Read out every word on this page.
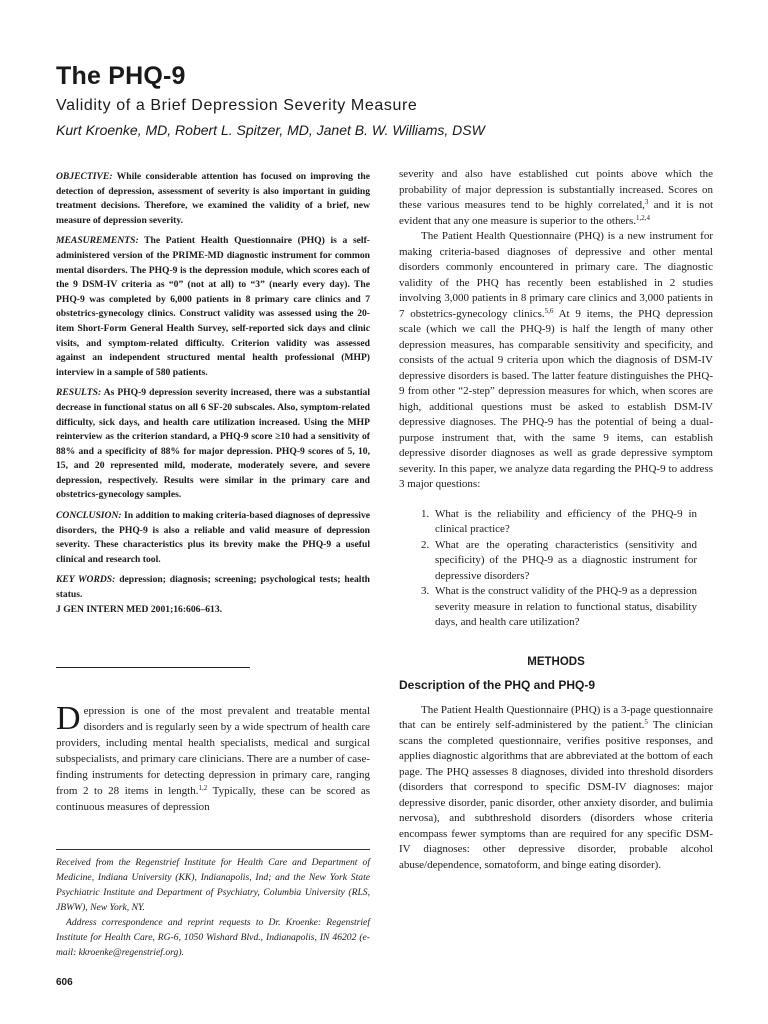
The PHQ-9
Validity of a Brief Depression Severity Measure
Kurt Kroenke, MD, Robert L. Spitzer, MD, Janet B. W. Williams, DSW

OBJECTIVE: While considerable attention has focused on improving the detection of depression, assessment of severity is also important in guiding treatment decisions. Therefore, we examined the validity of a brief, new measure of depression severity.

MEASUREMENTS: The Patient Health Questionnaire (PHQ) is a self-administered version of the PRIME-MD diagnostic instrument for common mental disorders. The PHQ-9 is the depression module, which scores each of the 9 DSM-IV criteria as “0” (not at all) to “3” (nearly every day). The PHQ-9 was completed by 6,000 patients in 8 primary care clinics and 7 obstetrics-gynecology clinics. Construct validity was assessed using the 20-item Short-Form General Health Survey, self-reported sick days and clinic visits, and symptom-related difficulty. Criterion validity was assessed against an independent structured mental health professional (MHP) interview in a sample of 580 patients.

RESULTS: As PHQ-9 depression severity increased, there was a substantial decrease in functional status on all 6 SF-20 subscales. Also, symptom-related difficulty, sick days, and health care utilization increased. Using the MHP reinterview as the criterion standard, a PHQ-9 score ≥10 had a sensitivity of 88% and a specificity of 88% for major depression. PHQ-9 scores of 5, 10, 15, and 20 represented mild, moderate, moderately severe, and severe depression, respectively. Results were similar in the primary care and obstetrics-gynecology samples.

CONCLUSION: In addition to making criteria-based diagnoses of depressive disorders, the PHQ-9 is also a reliable and valid measure of depression severity. These characteristics plus its brevity make the PHQ-9 a useful clinical and research tool.

KEY WORDS: depression; diagnosis; screening; psychological tests; health status.

J GEN INTERN MED 2001;16:606–613.

Depression is one of the most prevalent and treatable mental disorders and is regularly seen by a wide spectrum of health care providers, including mental health specialists, medical and surgical subspecialists, and primary care clinicians. There are a number of case-finding instruments for detecting depression in primary care, ranging from 2 to 28 items in length.$^{1,2}$ Typically, these can be scored as continuous measures of depression

Received from the Regenstrief Institute for Health Care and Department of Medicine, Indiana University (KK), Indianapolis, Ind; and the New York State Psychiatric Institute and Department of Psychiatry, Columbia University (RLS, JBWW), New York, NY.

Address correspondence and reprint requests to Dr. Kroenke: Regenstrief Institute for Health Care, RG-6, 1050 Wishard Blvd., Indianapolis, IN 46202 (e-mail: kkroenke@regenstrief.org).

606

severity and also have established cut points above which the probability of major depression is substantially increased. Scores on these various measures tend to be highly correlated,$^3$ and it is not evident that any one measure is superior to the others.$^{1,2,4}$

The Patient Health Questionnaire (PHQ) is a new instrument for making criteria-based diagnoses of depressive and other mental disorders commonly encountered in primary care. The diagnostic validity of the PHQ has recently been established in 2 studies involving 3,000 patients in 8 primary care clinics and 3,000 patients in 7 obstetrics-gynecology clinics.$^{5,6}$ At 9 items, the PHQ depression scale (which we call the PHQ-9) is half the length of many other depression measures, has comparable sensitivity and specificity, and consists of the actual 9 criteria upon which the diagnosis of DSM-IV depressive disorders is based. The latter feature distinguishes the PHQ-9 from other “2-step” depression measures for which, when scores are high, additional questions must be asked to establish DSM-IV depressive diagnoses. The PHQ-9 has the potential of being a dual-purpose instrument that, with the same 9 items, can establish depressive disorder diagnoses as well as grade depressive symptom severity. In this paper, we analyze data regarding the PHQ-9 to address 3 major questions:

1. What is the reliability and efficiency of the PHQ-9 in clinical practice?
2. What are the operating characteristics (sensitivity and specificity) of the PHQ-9 as a diagnostic instrument for depressive disorders?
3. What is the construct validity of the PHQ-9 as a depression severity measure in relation to functional status, disability days, and health care utilization?

METHODS

Description of the PHQ and PHQ-9

The Patient Health Questionnaire (PHQ) is a 3-page questionnaire that can be entirely self-administered by the patient.$^5$ The clinician scans the completed questionnaire, verifies positive responses, and applies diagnostic algorithms that are abbreviated at the bottom of each page. The PHQ assesses 8 diagnoses, divided into threshold disorders (disorders that correspond to specific DSM-IV diagnoses: major depressive disorder, panic disorder, other anxiety disorder, and bulimia nervosa), and subthreshold disorders (disorders whose criteria encompass fewer symptoms than are required for any specific DSM-IV diagnoses: other depressive disorder, probable alcohol abuse/dependence, somatoform, and binge eating disorder).
